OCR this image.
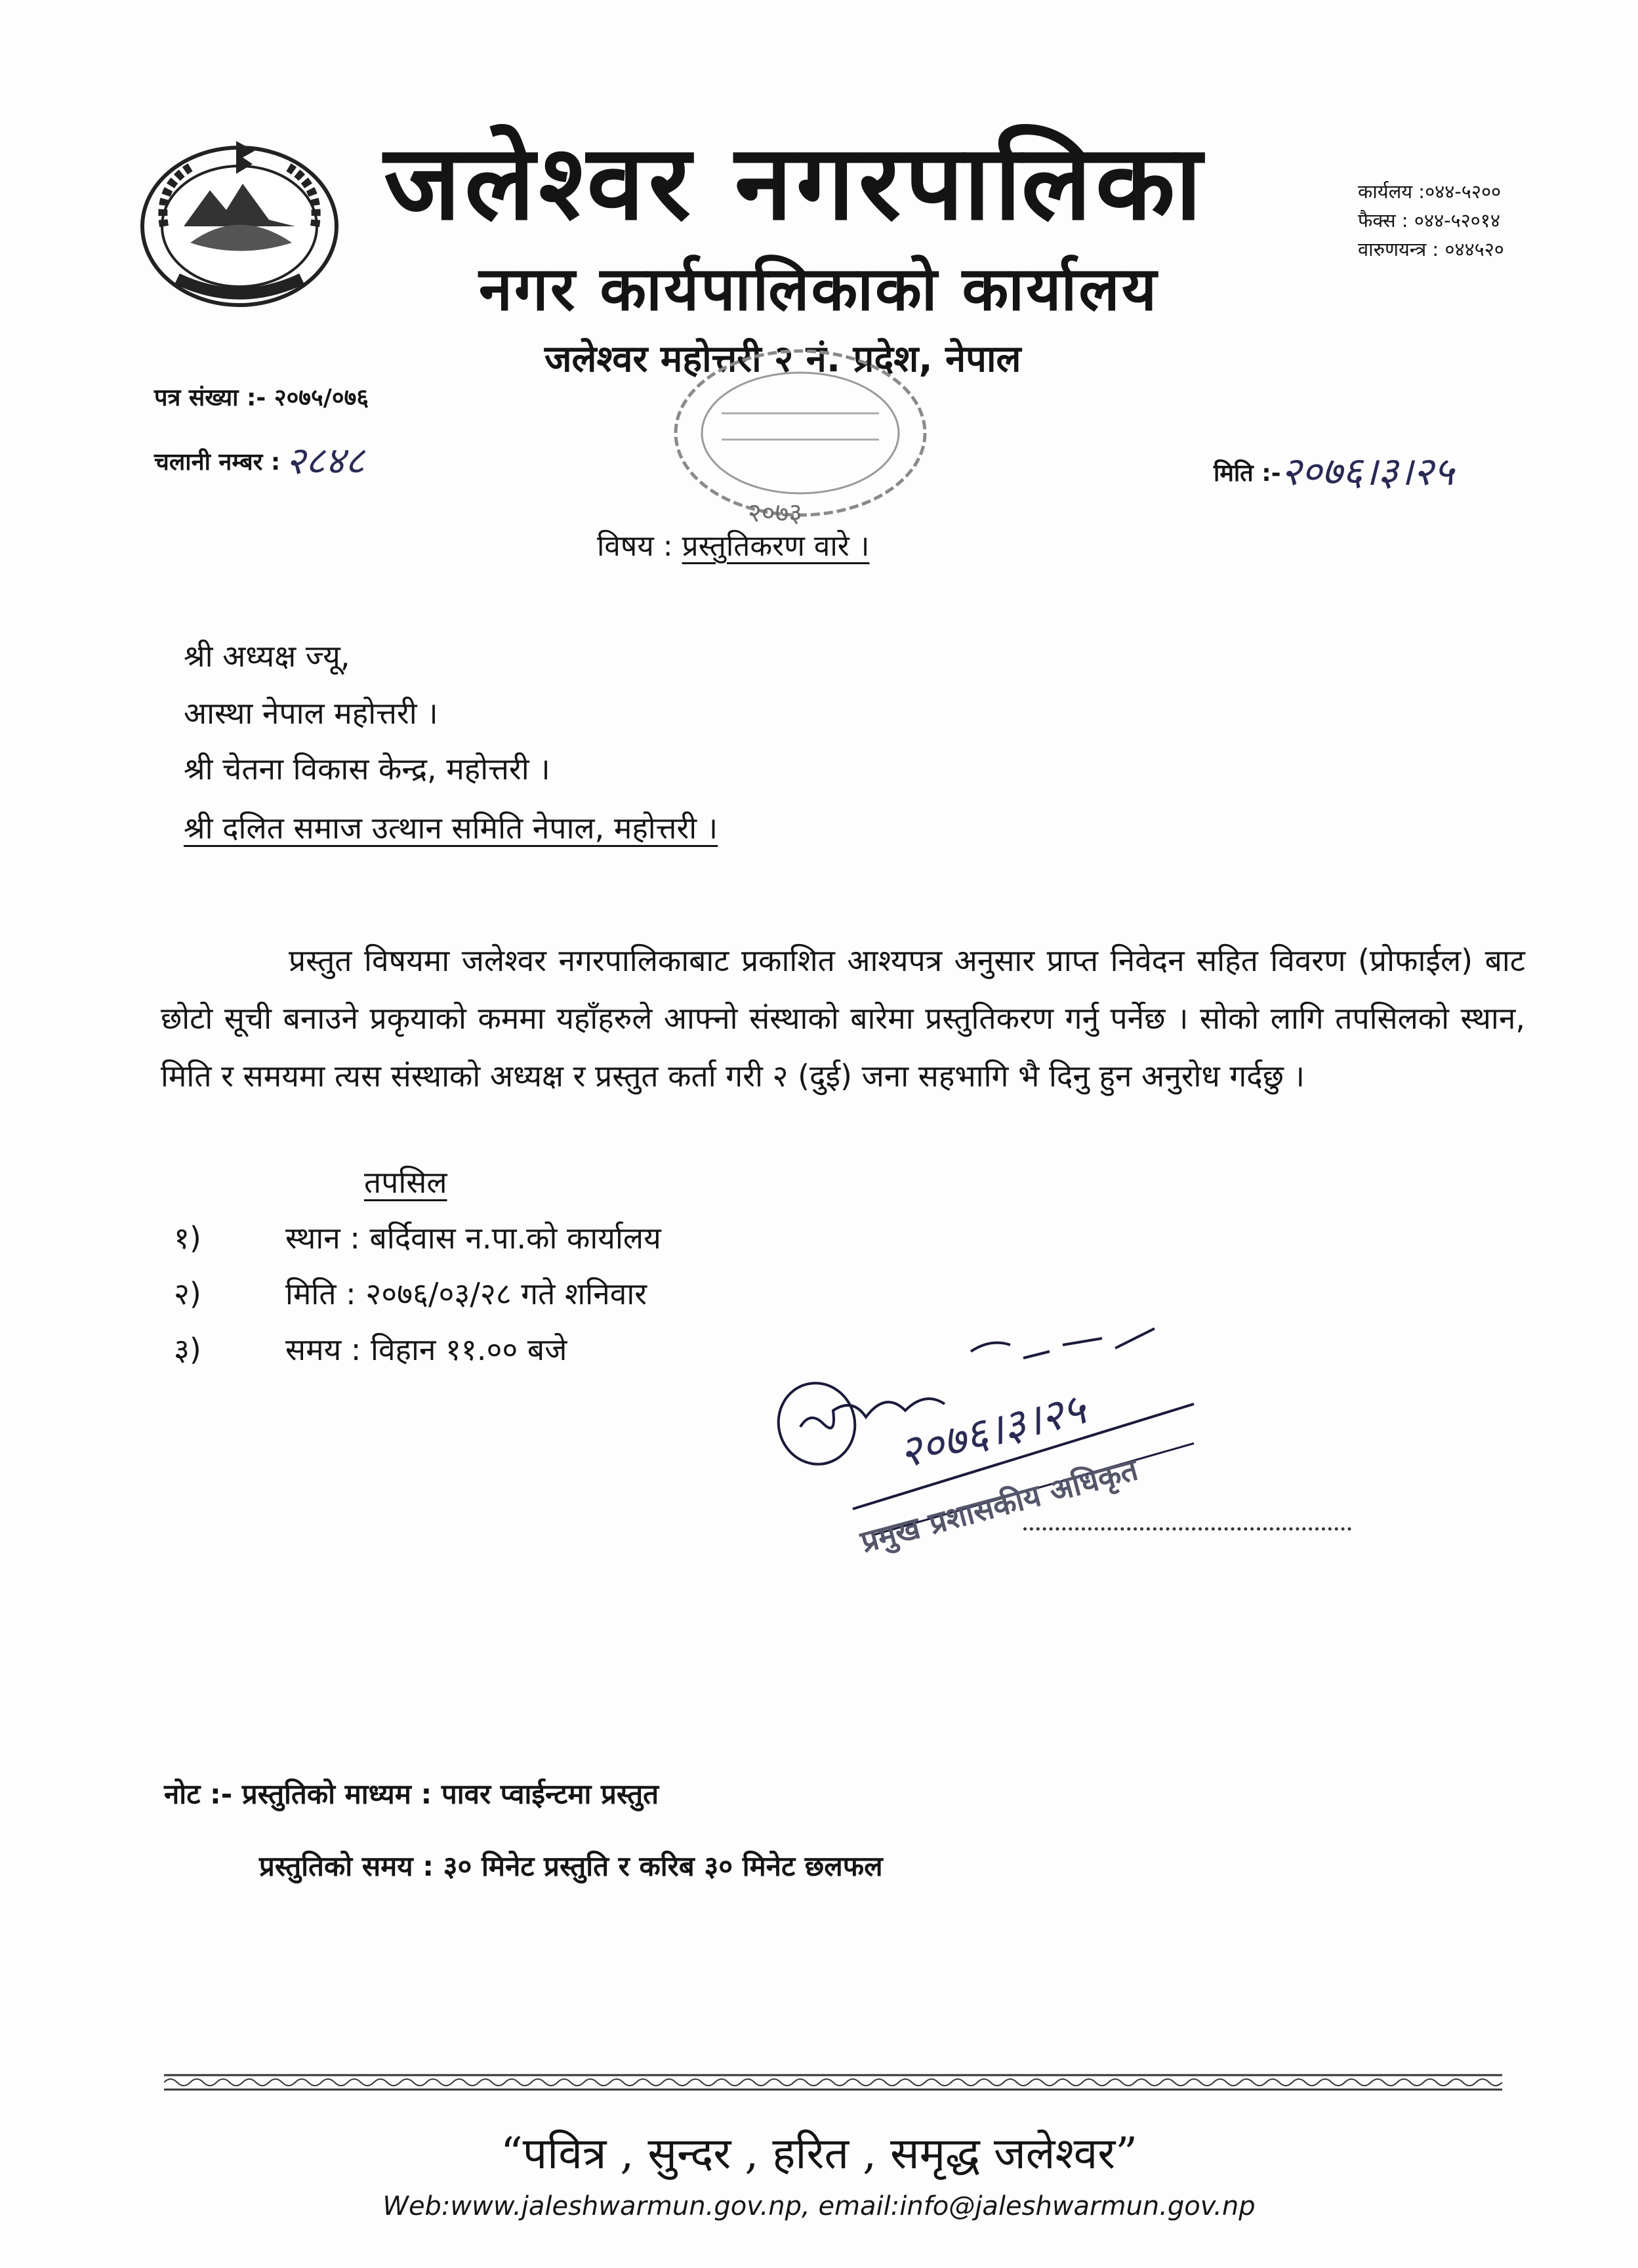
जलेश्वर नगरपालिका
नगर कार्यपालिकाको कार्यालय
जलेश्वर महोत्तरी २ नं. प्रदेश, नेपाल
कार्यलय :०४४-५२००
फैक्स : ०४४-५२०१४
वारुणयन्त्र : ०४४५२०
पत्र संख्या :- २०७५/०७६
चलानी नम्बर : २८४८
२०७३
मिति :-२०७६।३।२५
विषय : प्रस्तुतिकरण वारे ।
श्री अध्यक्ष ज्यू,
आस्था नेपाल महोत्तरी ।
श्री चेतना विकास केन्द्र, महोत्तरी ।
श्री दलित समाज उत्थान समिति नेपाल, महोत्तरी ।
प्रस्तुत विषयमा जलेश्वर नगरपालिकाबाट प्रकाशित आश्यपत्र अनुसार प्राप्त निवेदन सहित विवरण (प्रोफाईल) बाट छोटो सूची बनाउने प्रकृयाको कममा यहाँहरुले आफ्नो संस्थाको बारेमा प्रस्तुतिकरण गर्नु पर्नेछ । सोको लागि तपसिलको स्थान, मिति र समयमा त्यस संस्थाको अध्यक्ष र प्रस्तुत कर्ता गरी २ (दुई) जना सहभागि भै दिनु हुन अनुरोध गर्दछु ।
तपसिल
१)	स्थान : बर्दिवास न.पा.को कार्यालय
२)	मिति : २०७६/०३/२८ गते शनिवार
३)	समय : विहान ११.०० बजे
२०७६।३।२५
प्रमुख प्रशासकीय अधिकृत
नोट :- प्रस्तुतिको माध्यम : पावर प्वाईन्टमा प्रस्तुत
प्रस्तुतिको समय : ३० मिनेट प्रस्तुति र करिब ३० मिनेट छलफल
“पवित्र , सुन्दर , हरित , समृद्ध जलेश्वर”
Web:www.jaleshwarmun.gov.np, email:info@jaleshwarmun.gov.np
